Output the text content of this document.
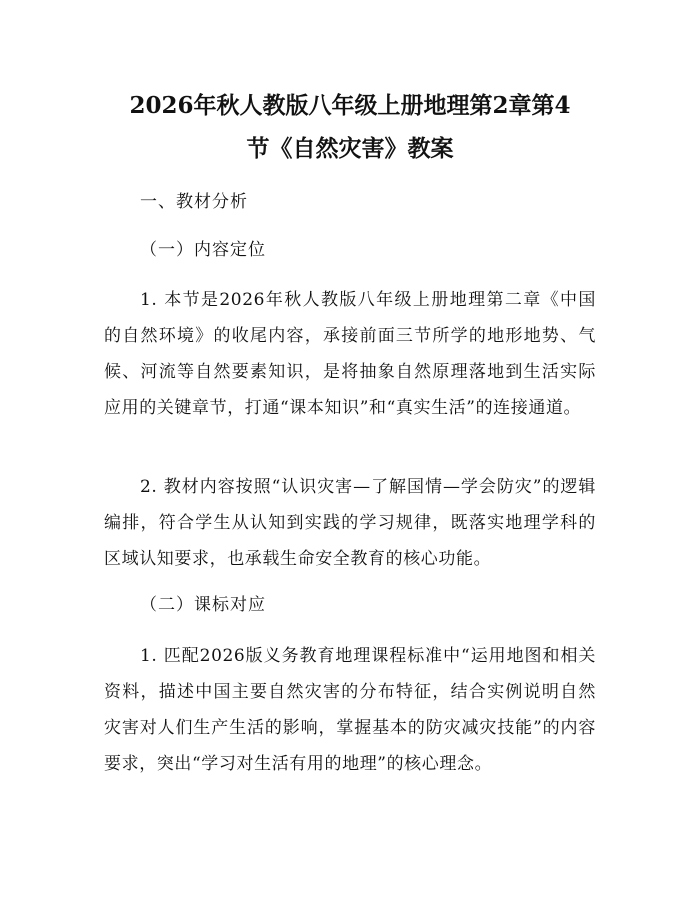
2026年秋人教版八年级上册地理第2章第4
节《自然灾害》教案
一、教材分析
（一）内容定位

1. 本节是2026年秋人教版八年级上册地理第二章《中国的自然环境》的收尾内容，承接前面三节所学的地形地势、气候、河流等自然要素知识，是将抽象自然原理落地到生活实际应用的关键章节，打通“课本知识”和“真实生活”的连接通道。

2. 教材内容按照“认识灾害—了解国情—学会防灾”的逻辑编排，符合学生从认知到实践的学习规律，既落实地理学科的区域认知要求，也承载生命安全教育的核心功能。

（二）课标对应

1. 匹配2026版义务教育地理课程标准中“运用地图和相关资料，描述中国主要自然灾害的分布特征，结合实例说明自然灾害对人们生产生活的影响，掌握基本的防灾减灾技能”的内容要求，突出“学习对生活有用的地理”的核心理念。
